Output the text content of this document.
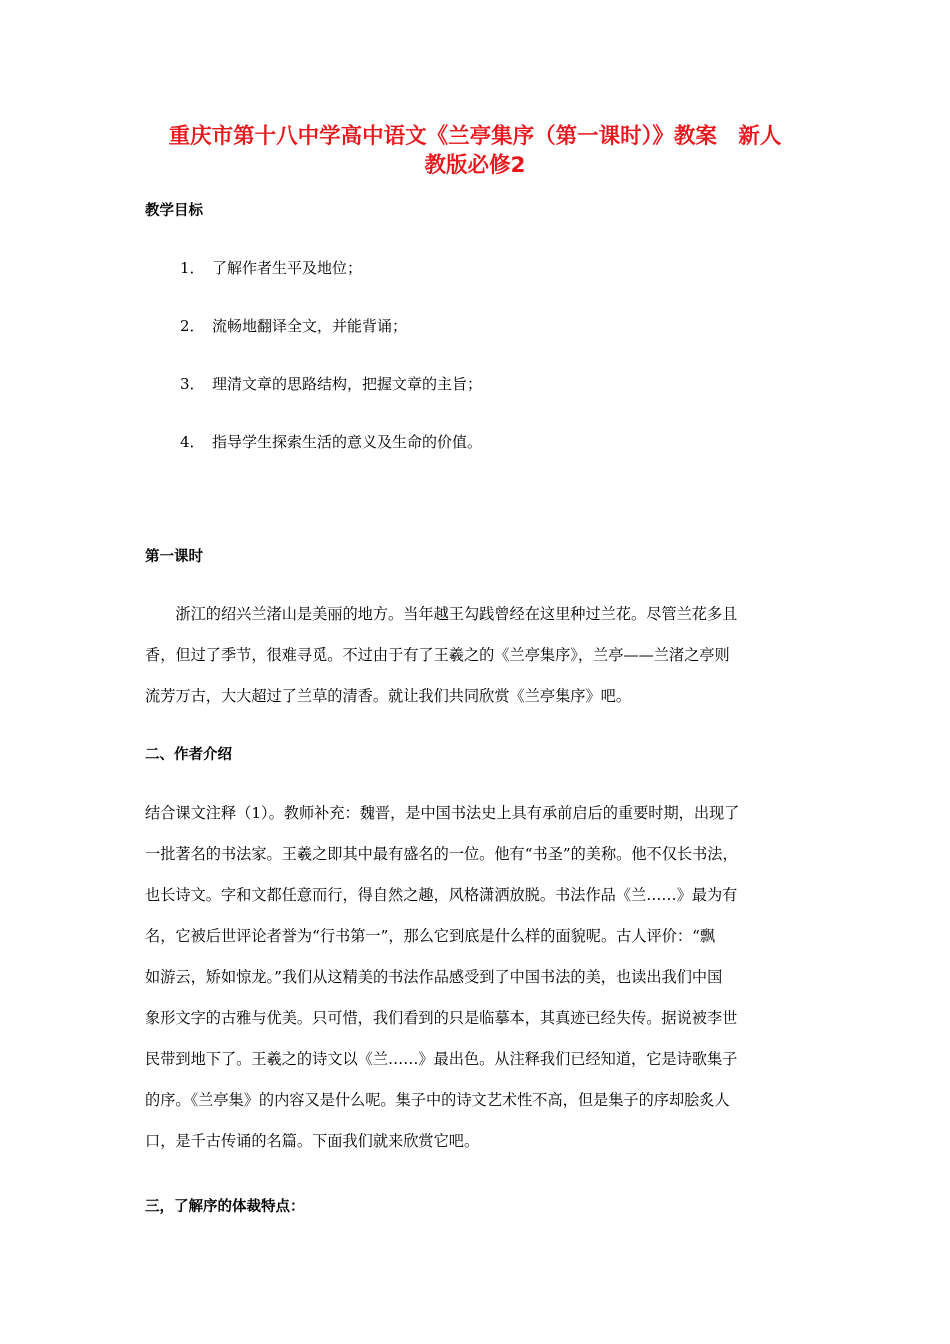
重庆市第十八中学高中语文《兰亭集序（第一课时）》教案　新人
教版必修2
教学目标
1． 了解作者生平及地位；
2． 流畅地翻译全文，并能背诵；
3． 理清文章的思路结构，把握文章的主旨；
4． 指导学生探索生活的意义及生命的价值。
第一课时
　　浙江的绍兴兰渚山是美丽的地方。当年越王勾践曾经在这里种过兰花。尽管兰花多且
香，但过了季节，很难寻觅。不过由于有了王羲之的《兰亭集序》，兰亭——兰渚之亭则
流芳万古，大大超过了兰草的清香。就让我们共同欣赏《兰亭集序》吧。
二、作者介绍
结合课文注释（1）。教师补充：魏晋，是中国书法史上具有承前启后的重要时期，出现了
一批著名的书法家。王羲之即其中最有盛名的一位。他有“书圣”的美称。他不仅长书法，
也长诗文。字和文都任意而行，得自然之趣，风格潇洒放脱。书法作品《兰……》最为有
名，它被后世评论者誉为“行书第一”，那么它到底是什么样的面貌呢。古人评价：“飘
如游云，矫如惊龙。”我们从这精美的书法作品感受到了中国书法的美，也读出我们中国
象形文字的古雅与优美。只可惜，我们看到的只是临摹本，其真迹已经失传。据说被李世
民带到地下了。王羲之的诗文以《兰……》最出色。从注释我们已经知道，它是诗歌集子
的序。《兰亭集》的内容又是什么呢。集子中的诗文艺术性不高，但是集子的序却脍炙人
口，是千古传诵的名篇。下面我们就来欣赏它吧。
三，了解序的体裁特点：
